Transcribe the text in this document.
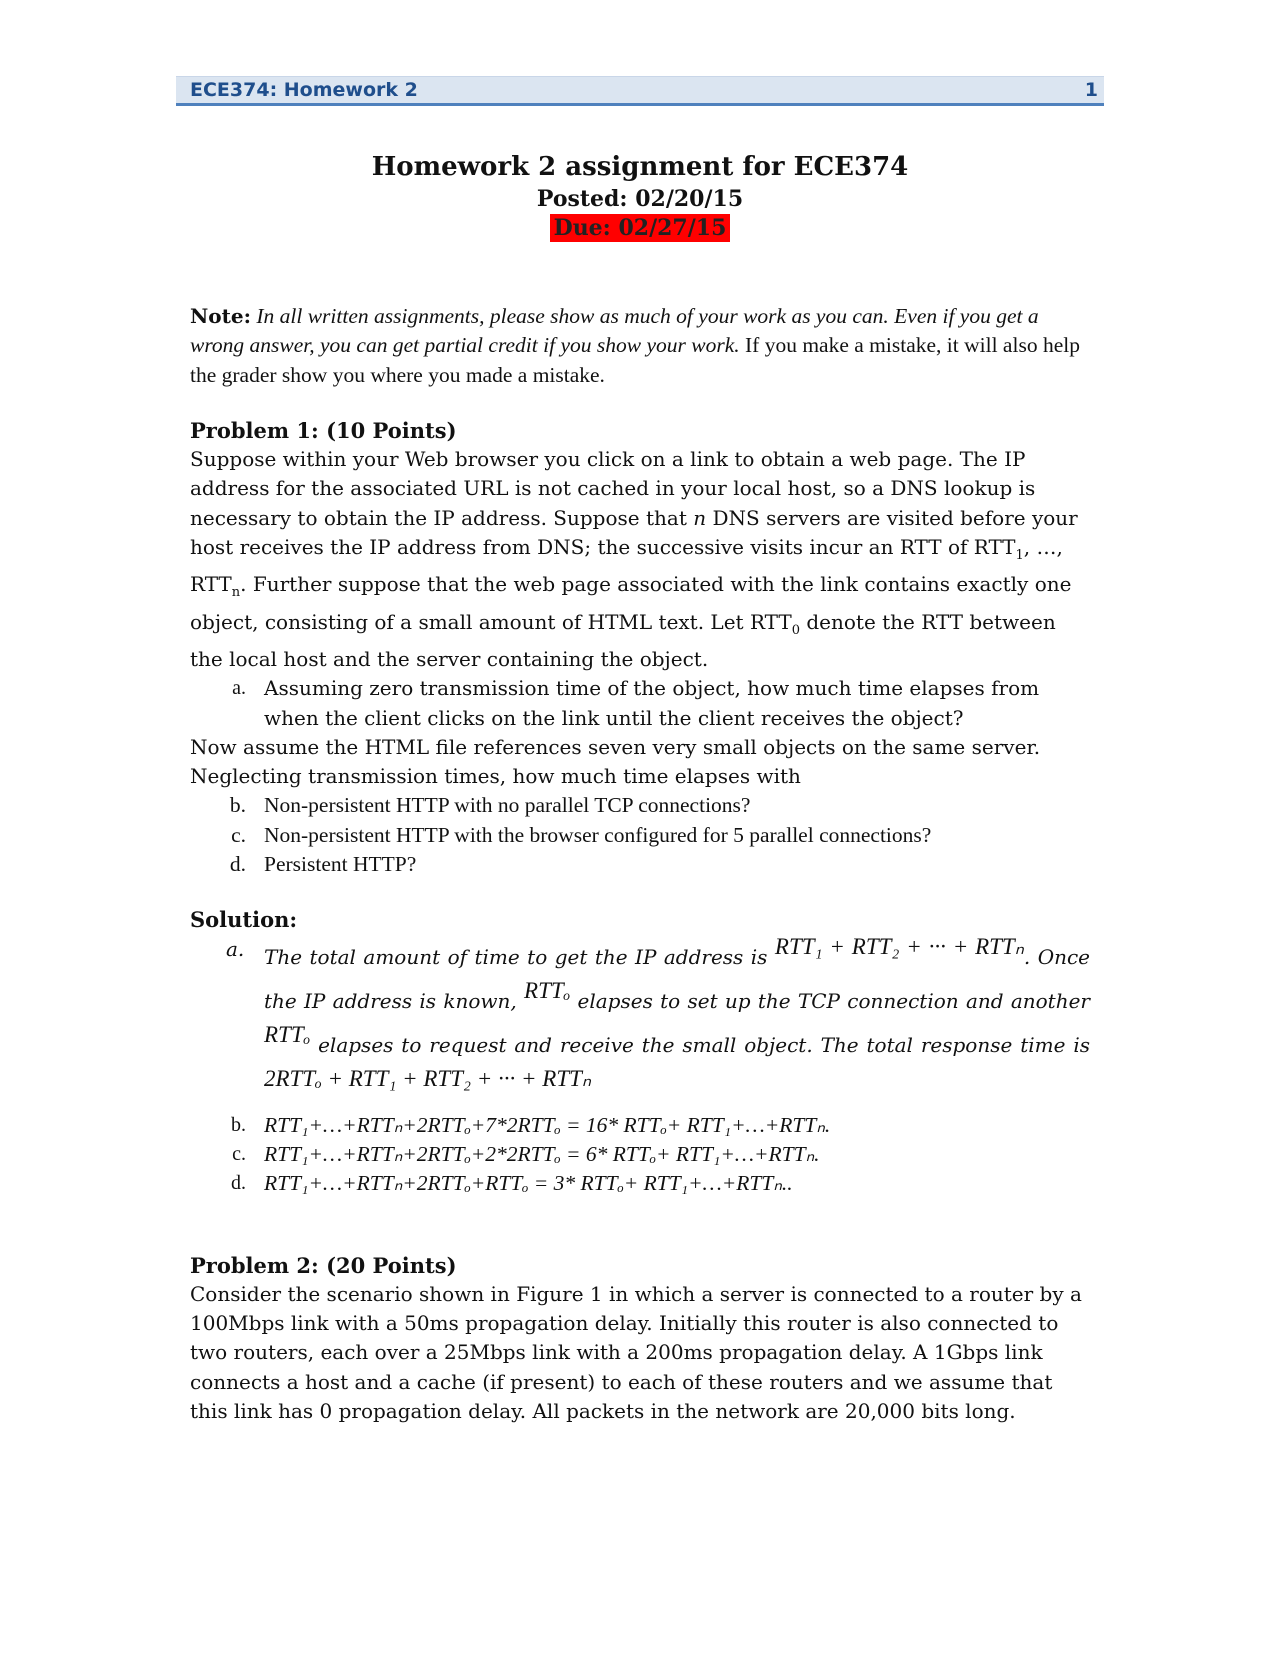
ECE374: Homework 2	1
Homework 2 assignment for ECE374
Posted: 02/20/15
Due: 02/27/15

Note: In all written assignments, please show as much of your work as you can. Even if you get a wrong answer, you can get partial credit if you show your work. If you make a mistake, it will also help the grader show you where you made a mistake.

Problem 1: (10 Points)

Suppose within your Web browser you click on a link to obtain a web page. The IP address for the associated URL is not cached in your local host, so a DNS lookup is necessary to obtain the IP address. Suppose that n DNS servers are visited before your host receives the IP address from DNS; the successive visits incur an RTT of $RTT_1$, …, $RTT_n$. Further suppose that the web page associated with the link contains exactly one object, consisting of a small amount of HTML text. Let $RTT_0$ denote the RTT between the local host and the server containing the object.

a. Assuming zero transmission time of the object, how much time elapses from when the client clicks on the link until the client receives the object?

Now assume the HTML file references seven very small objects on the same server. Neglecting transmission times, how much time elapses with

b. Non-persistent HTTP with no parallel TCP connections?
c. Non-persistent HTTP with the browser configured for 5 parallel connections?
d. Persistent HTTP?

Solution:

a. The total amount of time to get the IP address is RTT₁ + RTT₂ + ··· + RTTₙ. Once the IP address is known, RTTₒ elapses to set up the TCP connection and another RTTₒ elapses to request and receive the small object. The total response time is 2RTTₒ + RTT₁ + RTT₂ + ··· + RTTₙ

b. RTT₁+…+RTTₙ+2RTTₒ+7*2RTTₒ = 16* RTTₒ+ RTT₁+…+RTTₙ.
c. RTT₁+…+RTTₙ+2RTTₒ+2*2RTTₒ = 6* RTTₒ+ RTT₁+…+RTTₙ.
d. RTT₁+…+RTTₙ+2RTTₒ+RTTₒ = 3* RTTₒ+ RTT₁+…+RTTₙ..

Problem 2: (20 Points)

Consider the scenario shown in Figure 1 in which a server is connected to a router by a 100Mbps link with a 50ms propagation delay. Initially this router is also connected to two routers, each over a 25Mbps link with a 200ms propagation delay. A 1Gbps link connects a host and a cache (if present) to each of these routers and we assume that this link has 0 propagation delay. All packets in the network are 20,000 bits long.
